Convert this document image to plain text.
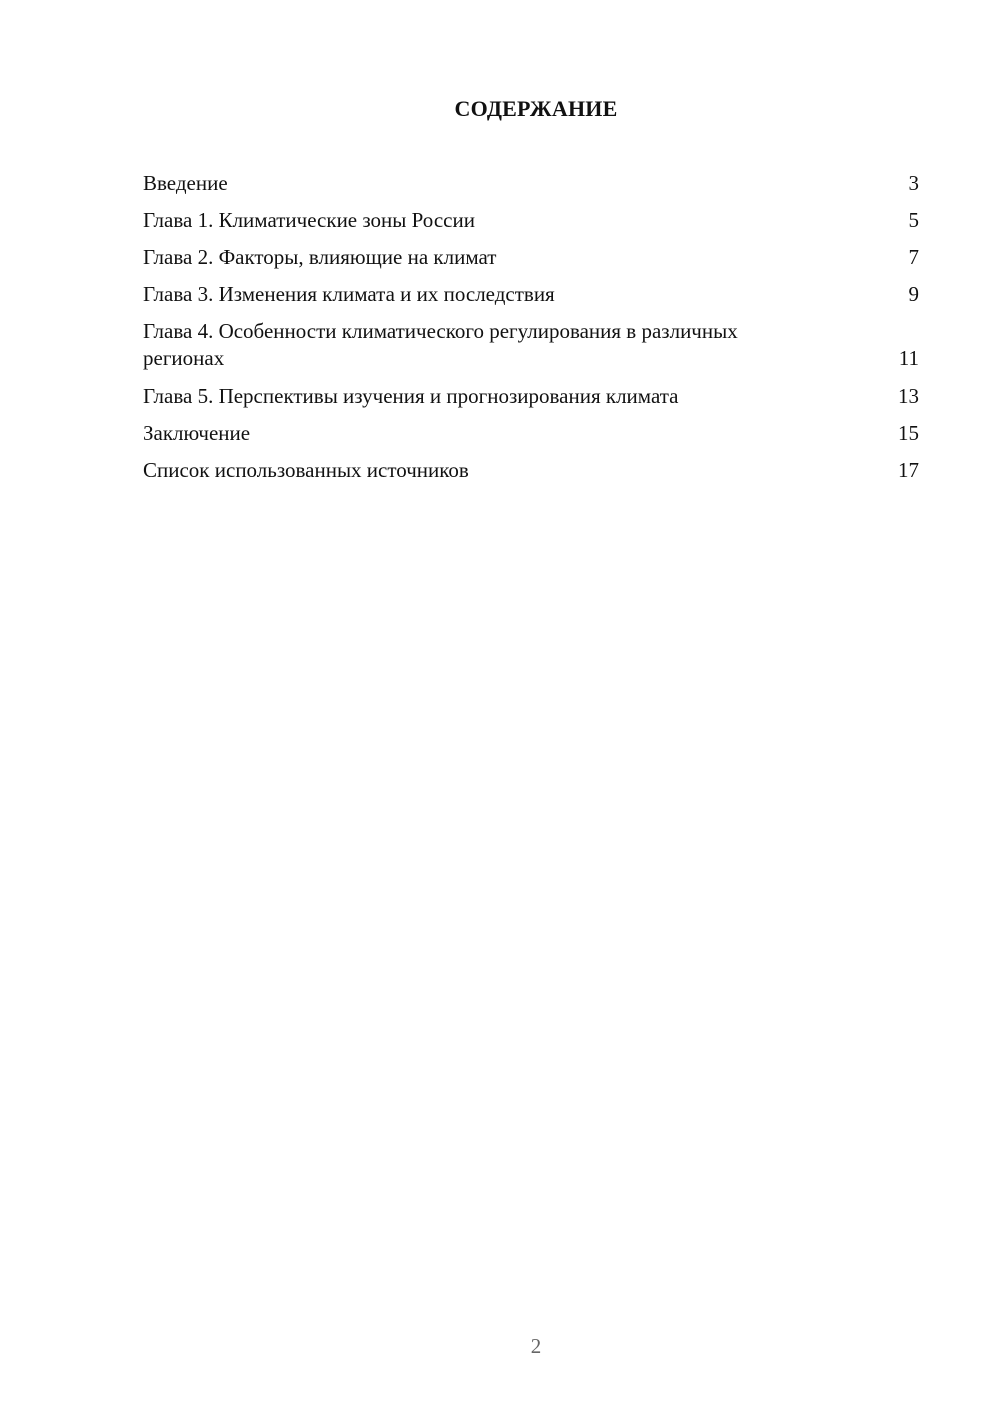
СОДЕРЖАНИЕ
Введение	3
Глава 1. Климатические зоны России	5
Глава 2. Факторы, влияющие на климат	7
Глава 3. Изменения климата и их последствия	9
Глава 4. Особенности климатического регулирования в различных регионах	11
Глава 5. Перспективы изучения и прогнозирования климата	13
Заключение	15
Список использованных источников	17
2
